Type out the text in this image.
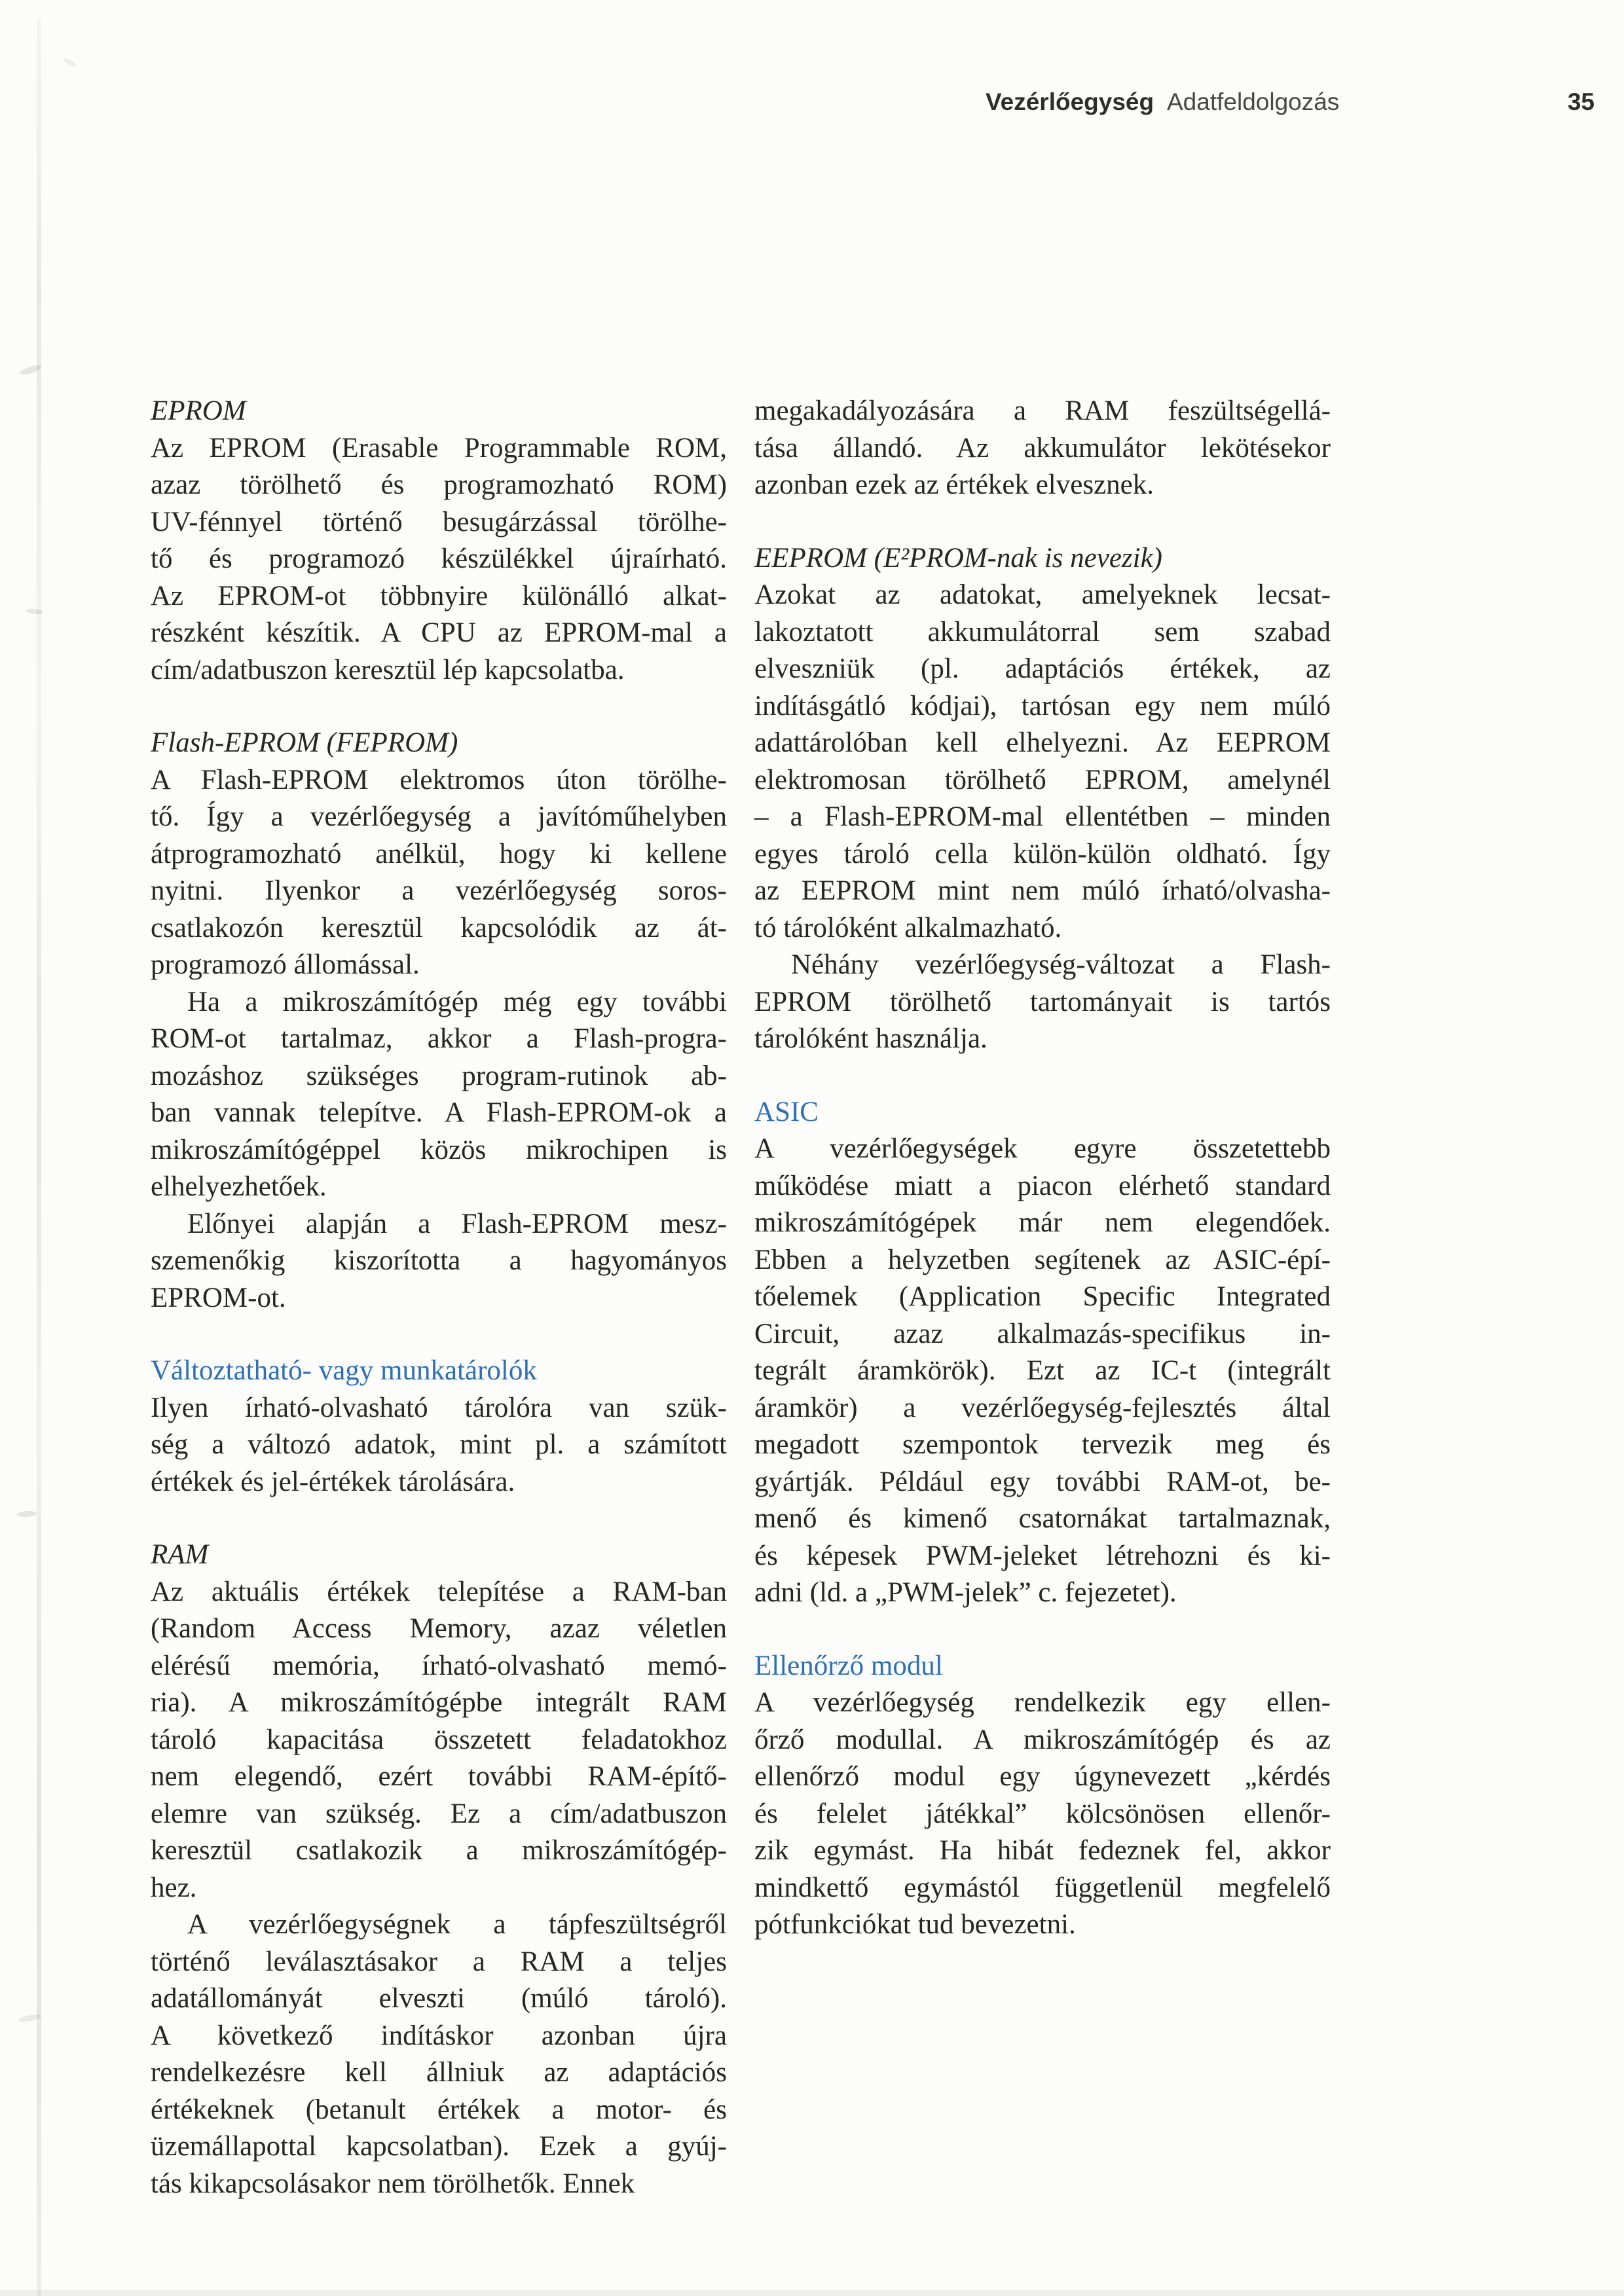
Vezérlőegység Adatfeldolgozás	35
EPROM
Az EPROM (Erasable Programmable ROM,
azaz törölhető és programozható ROM)
UV-fénnyel történő besugárzással törölhe-
tő és programozó készülékkel újraírható.
Az EPROM-ot többnyire különálló alkat-
részként készítik. A CPU az EPROM-mal a
cím/adatbuszon keresztül lép kapcsolatba.
Flash-EPROM (FEPROM)
A Flash-EPROM elektromos úton törölhe-
tő. Így a vezérlőegység a javítóműhelyben
átprogramozható anélkül, hogy ki kellene
nyitni. Ilyenkor a vezérlőegység soros-
csatlakozón keresztül kapcsolódik az át-
programozó állomással.
Ha a mikroszámítógép még egy további
ROM-ot tartalmaz, akkor a Flash-progra-
mozáshoz szükséges program-rutinok ab-
ban vannak telepítve. A Flash-EPROM-ok a
mikroszámítógéppel közös mikrochipen is
elhelyezhetőek.
Előnyei alapján a Flash-EPROM mesz-
szemenőkig kiszorította a hagyományos
EPROM-ot.
Változtatható- vagy munkatárolók
Ilyen írható-olvasható tárolóra van szük-
ség a változó adatok, mint pl. a számított
értékek és jel-értékek tárolására.
RAM
Az aktuális értékek telepítése a RAM-ban
(Random Access Memory, azaz véletlen
elérésű memória, írható-olvasható memó-
ria). A mikroszámítógépbe integrált RAM
tároló kapacitása összetett feladatokhoz
nem elegendő, ezért további RAM-építő-
elemre van szükség. Ez a cím/adatbuszon
keresztül csatlakozik a mikroszámítógép-
hez.
A vezérlőegységnek a tápfeszültségről
történő leválasztásakor a RAM a teljes
adatállományát elveszti (múló tároló).
A következő indításkor azonban újra
rendelkezésre kell állniuk az adaptációs
értékeknek (betanult értékek a motor- és
üzemállapottal kapcsolatban). Ezek a gyúj-
tás kikapcsolásakor nem törölhetők. Ennek
megakadályozására a RAM feszültségellá-
tása állandó. Az akkumulátor lekötésekor
azonban ezek az értékek elvesznek.
EEPROM (E²PROM-nak is nevezik)
Azokat az adatokat, amelyeknek lecsat-
lakoztatott akkumulátorral sem szabad
elveszniük (pl. adaptációs értékek, az
indításgátló kódjai), tartósan egy nem múló
adattárolóban kell elhelyezni. Az EEPROM
elektromosan törölhető EPROM, amelynél
– a Flash-EPROM-mal ellentétben – minden
egyes tároló cella külön-külön oldható. Így
az EEPROM mint nem múló írható/olvasha-
tó tárolóként alkalmazható.
Néhány vezérlőegység-változat a Flash-
EPROM törölhető tartományait is tartós
tárolóként használja.
ASIC
A vezérlőegységek egyre összetettebb
működése miatt a piacon elérhető standard
mikroszámítógépek már nem elegendőek.
Ebben a helyzetben segítenek az ASIC-épí-
tőelemek (Application Specific Integrated
Circuit, azaz alkalmazás-specifikus in-
tegrált áramkörök). Ezt az IC-t (integrált
áramkör) a vezérlőegység-fejlesztés által
megadott szempontok tervezik meg és
gyártják. Például egy további RAM-ot, be-
menő és kimenő csatornákat tartalmaznak,
és képesek PWM-jeleket létrehozni és ki-
adni (ld. a „PWM-jelek” c. fejezetet).
Ellenőrző modul
A vezérlőegység rendelkezik egy ellen-
őrző modullal. A mikroszámítógép és az
ellenőrző modul egy úgynevezett „kérdés
és felelet játékkal” kölcsönösen ellenőr-
zik egymást. Ha hibát fedeznek fel, akkor
mindkettő egymástól függetlenül megfelelő
pótfunkciókat tud bevezetni.
